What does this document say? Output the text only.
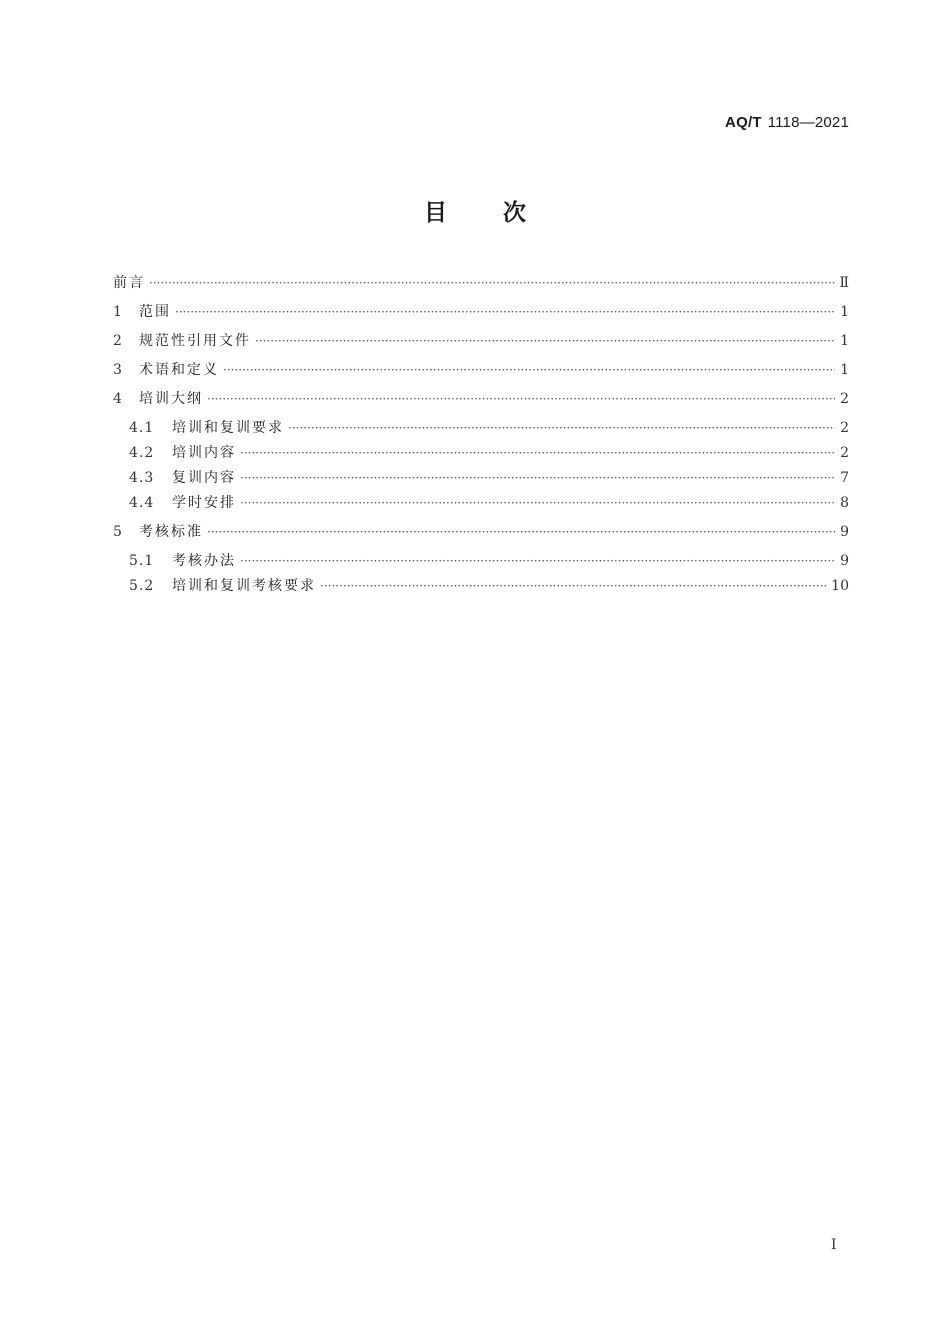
AQ/T 1118—2021
目 次
前言 ·····	Ⅱ
1	范围 ·····	1
2	规范性引用文件 ·····	1
3	术语和定义 ·····	1
4	培训大纲 ·····	2
4.1	培训和复训要求 ·····	2
4.2	培训内容 ·····	2
4.3	复训内容 ·····	7
4.4	学时安排 ·····	8
5	考核标准 ·····	9
5.1	考核办法 ·····	9
5.2	培训和复训考核要求 ·····	10
Ⅰ
